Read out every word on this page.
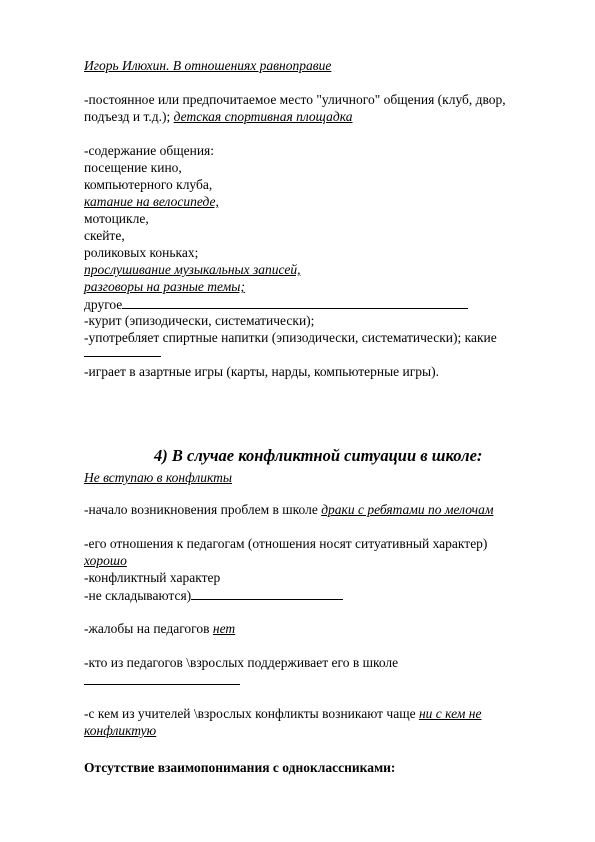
Игорь Илюхин. В отношениях равноправие
-постоянное или предпочитаемое место "уличного" общения (клуб, двор,
подъезд и т.д.); детская спортивная площадка
-содержание общения:
посещение кино,
компьютерного клуба,
катание на велосипеде,
мотоцикле,
скейте,
роликовых коньках;
прослушивание музыкальных записей,
разговоры на разные темы;
другое
-курит (эпизодически, систематически);
-употребляет спиртные напитки (эпизодически, систематически); какие
-играет в азартные игры (карты, нарды, компьютерные игры).
4) В случае конфликтной ситуации в школе:
Не вступаю в конфликты
-начало возникновения проблем в школе драки с ребятами по мелочам
-его отношения к педагогам (отношения носят ситуативный характер)
хорошо
-конфликтный характер
-не складываются)
-жалобы на педагогов нет
-кто из педагогов \взрослых поддерживает его в школе
-с кем из учителей \взрослых конфликты возникают чаще ни с кем не
конфликтую
Отсутствие взаимопонимания с одноклассниками:
